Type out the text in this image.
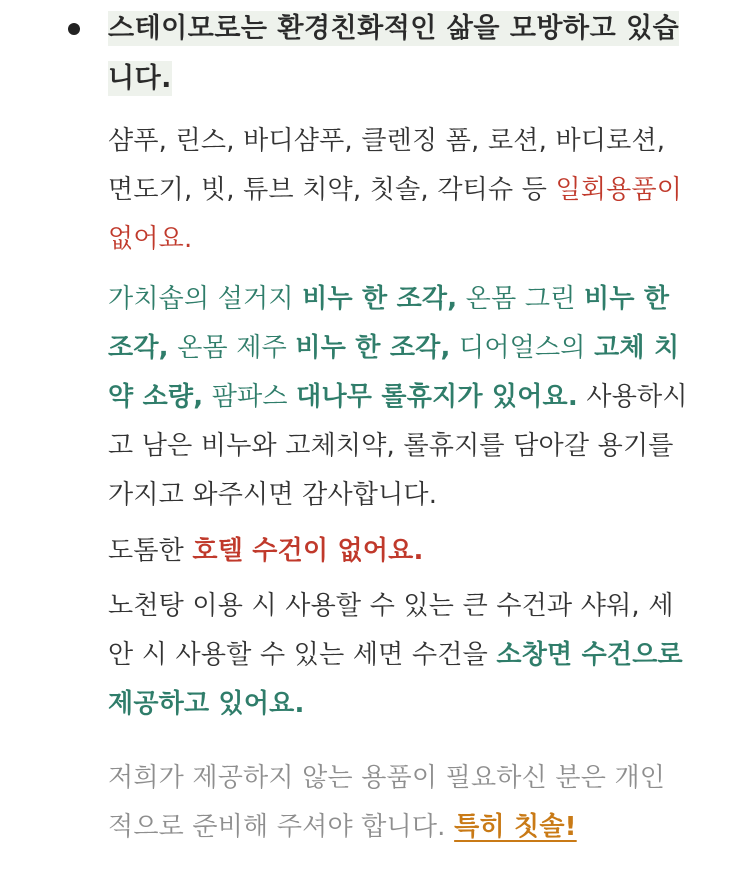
스테이모로는 환경친화적인 삶을 모방하고 있습니다.

샴푸, 린스, 바디샴푸, 클렌징 폼, 로션, 바디로션, 면도기, 빗, 튜브 치약, 칫솔, 각티슈 등 일회용품이 없어요.

가치솝의 설거지 비누 한 조각, 온몸 그린 비누 한 조각, 온몸 제주 비누 한 조각, 디어얼스의 고체 치약 소량, 팜파스 대나무 롤휴지가 있어요. 사용하시고 남은 비누와 고체치약, 롤휴지를 담아갈 용기를 가지고 와주시면 감사합니다.

도톰한 호텔 수건이 없어요.

노천탕 이용 시 사용할 수 있는 큰 수건과 샤워, 세안 시 사용할 수 있는 세면 수건을 소창면 수건으로 제공하고 있어요.

저희가 제공하지 않는 용품이 필요하신 분은 개인적으로 준비해 주셔야 합니다. 특히 칫솔!
